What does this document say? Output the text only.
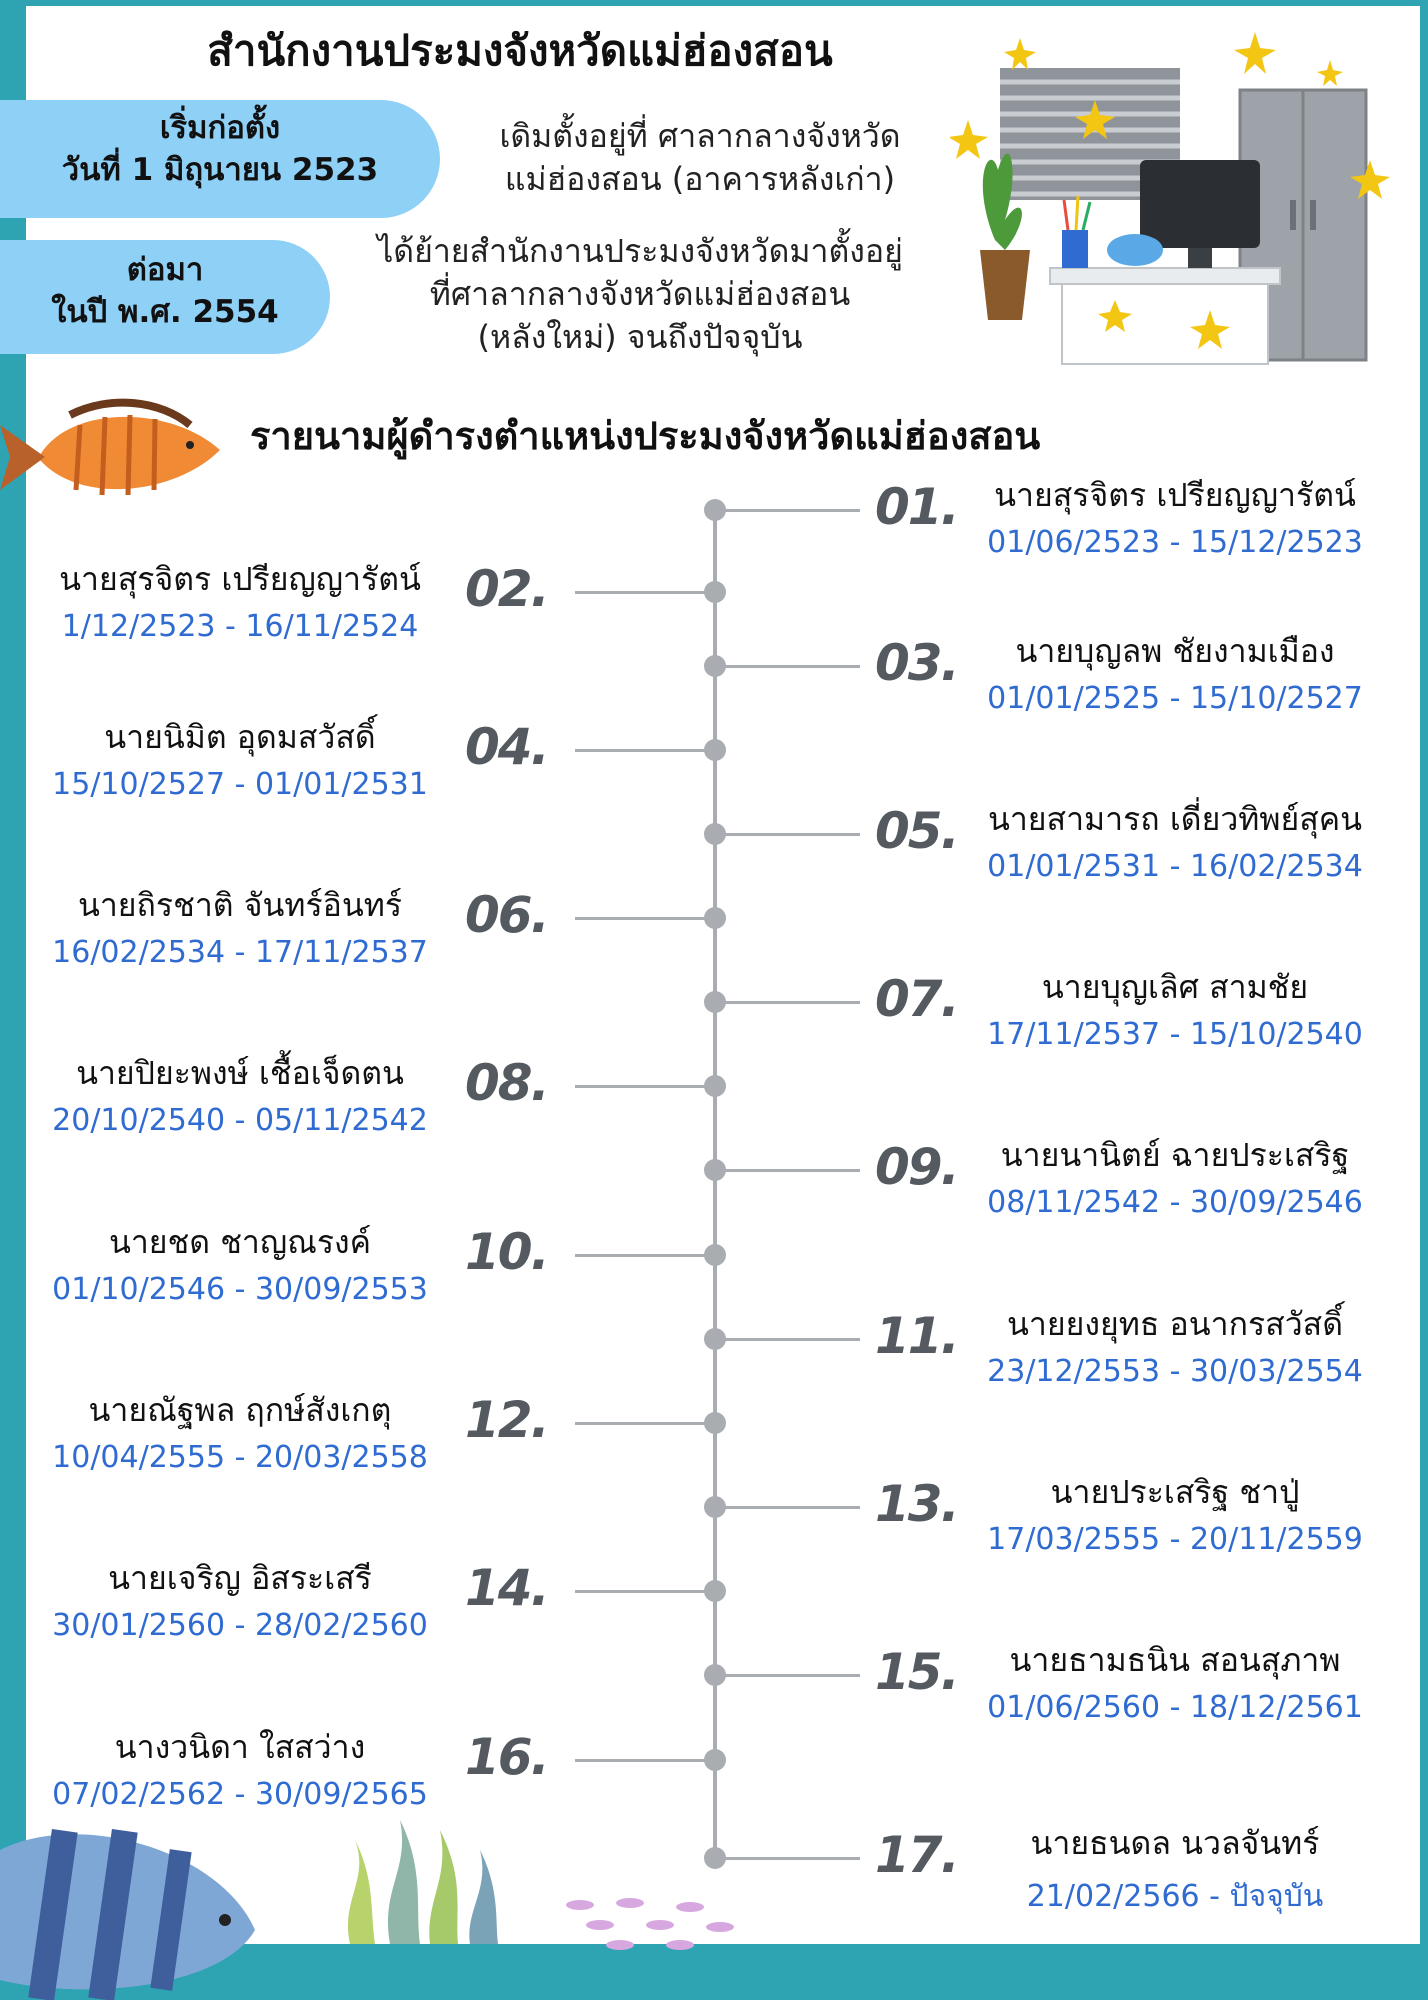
สำนักงานประมงจังหวัดแม่ฮ่องสอน
เริ่มก่อตั้ง
วันที่ 1 มิถุนายน 2523
เดิมตั้งอยู่ที่ ศาลากลางจังหวัด
แม่ฮ่องสอน (อาคารหลังเก่า)
ต่อมา
ในปี พ.ศ. 2554
ได้ย้ายสำนักงานประมงจังหวัดมาตั้งอยู่
ที่ศาลากลางจังหวัดแม่ฮ่องสอน
(หลังใหม่) จนถึงปัจจุบัน
รายนามผู้ดำรงตำแหน่งประมงจังหวัดแม่ฮ่องสอน
01.	นายสุรจิตร เปรียญญารัตน์
01/06/2523 - 15/12/2523
02.
นายสุรจิตร เปรียญญารัตน์
1/12/2523 - 16/11/2524
03.	นายบุญลพ ชัยงามเมือง
01/01/2525 - 15/10/2527
04.
นายนิมิต อุดมสวัสดิ์
15/10/2527 - 01/01/2531
05. นายสามารถ เดี่ยวทิพย์สุคน
01/01/2531 - 16/02/2534
06.
นายถิรชาติ จันทร์อินทร์
16/02/2534 - 17/11/2537
07.	นายบุญเลิศ สามชัย
17/11/2537 - 15/10/2540
08.
นายปิยะพงษ์ เชื้อเจ็ดตน
20/10/2540 - 05/11/2542
09.	นายนานิตย์ ฉายประเสริฐ
08/11/2542 - 30/09/2546
10.
นายชด ชาญณรงค์
01/10/2546 - 30/09/2553
11.	นายยงยุทธ อนากรสวัสดิ์
23/12/2553 - 30/03/2554
12.
นายณัฐพล ฤกษ์สังเกตุ
10/04/2555 - 20/03/2558
13.	นายประเสริฐ ชาปู่
17/03/2555 - 20/11/2559
14.
นายเจริญ อิสระเสรี
30/01/2560 - 28/02/2560
15.	นายธามธนิน สอนสุภาพ
01/06/2560 - 18/12/2561
16.
นางวนิดา ใสสว่าง
07/02/2562 - 30/09/2565
17.	นายธนดล นวลจันทร์
21/02/2566 - ปัจจุบัน
